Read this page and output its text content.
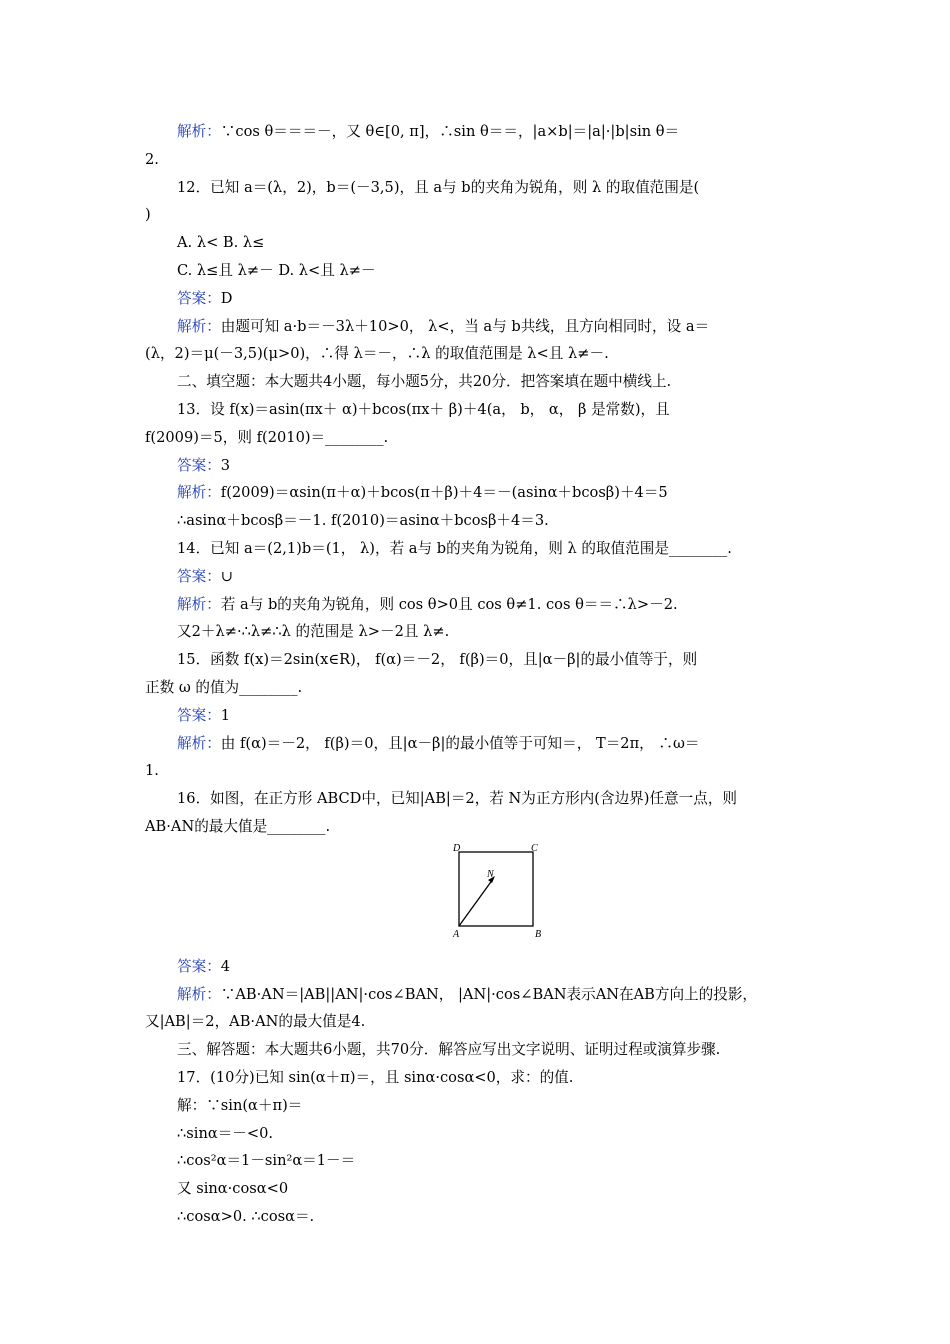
解析：∵cos θ＝＝＝－，又 θ∈[0, π]，∴sin θ＝＝，|a×b|＝|a|·|b|sin θ＝
2.
12．已知 a＝(λ，2)，b＝(－3,5)，且 a与 b的夹角为锐角，则 λ 的取值范围是(
)
A. λ< B. λ≤
C. λ≤且 λ≠－ D. λ<且 λ≠－
答案：D
解析：由题可知 a·b＝－3λ＋10>0， λ<，当 a与 b共线，且方向相同时，设 a＝
(λ，2)＝μ(－3,5)(μ>0)，∴得 λ＝－，∴λ 的取值范围是 λ<且 λ≠－.
二、填空题：本大题共4小题，每小题5分，共20分．把答案填在题中横线上.
13．设 f(x)＝asin(πx＋ α)＋bcos(πx＋ β)＋4(a， b， α， β 是常数)，且
f(2009)＝5，则 f(2010)＝________.
答案：3
解析：f(2009)＝αsin(π＋α)＋bcos(π＋β)＋4＝－(asinα＋bcosβ)＋4＝5
∴asinα＋bcosβ＝－1. f(2010)＝asinα＋bcosβ＋4＝3.
14．已知 a＝(2,1)b＝(1， λ)，若 a与 b的夹角为锐角，则 λ 的取值范围是________.
答案：∪
解析：若 a与 b的夹角为锐角，则 cos θ>0且 cos θ≠1. cos θ＝＝∴λ>－2.
又2＋λ≠·∴λ≠∴λ 的范围是 λ>－2且 λ≠.
15．函数 f(x)＝2sin(x∈R)， f(α)＝－2， f(β)＝0，且|α－β|的最小值等于，则
正数 ω 的值为________.
答案：1
解析：由 f(α)＝－2， f(β)＝0，且|α－β|的最小值等于可知＝， T＝2π， ∴ω＝
1.
16．如图，在正方形 ABCD中，已知|AB|＝2，若 N为正方形内(含边界)任意一点，则
AB·AN的最大值是________.
A	B
C
D
N
答案：4
解析：∵AB·AN＝|AB||AN|·cos∠BAN， |AN|·cos∠BAN表示AN在AB方向上的投影，
又|AB|＝2，AB·AN的最大值是4.
三、解答题：本大题共6小题，共70分．解答应写出文字说明、证明过程或演算步骤.
17．(10分)已知 sin(α＋π)＝，且 sinα·cosα<0，求：的值.
解：∵sin(α＋π)＝
∴sinα＝－<0.
∴cos²α＝1－sin²α＝1－＝
又 sinα·cosα<0
∴cosα>0. ∴cosα＝.
